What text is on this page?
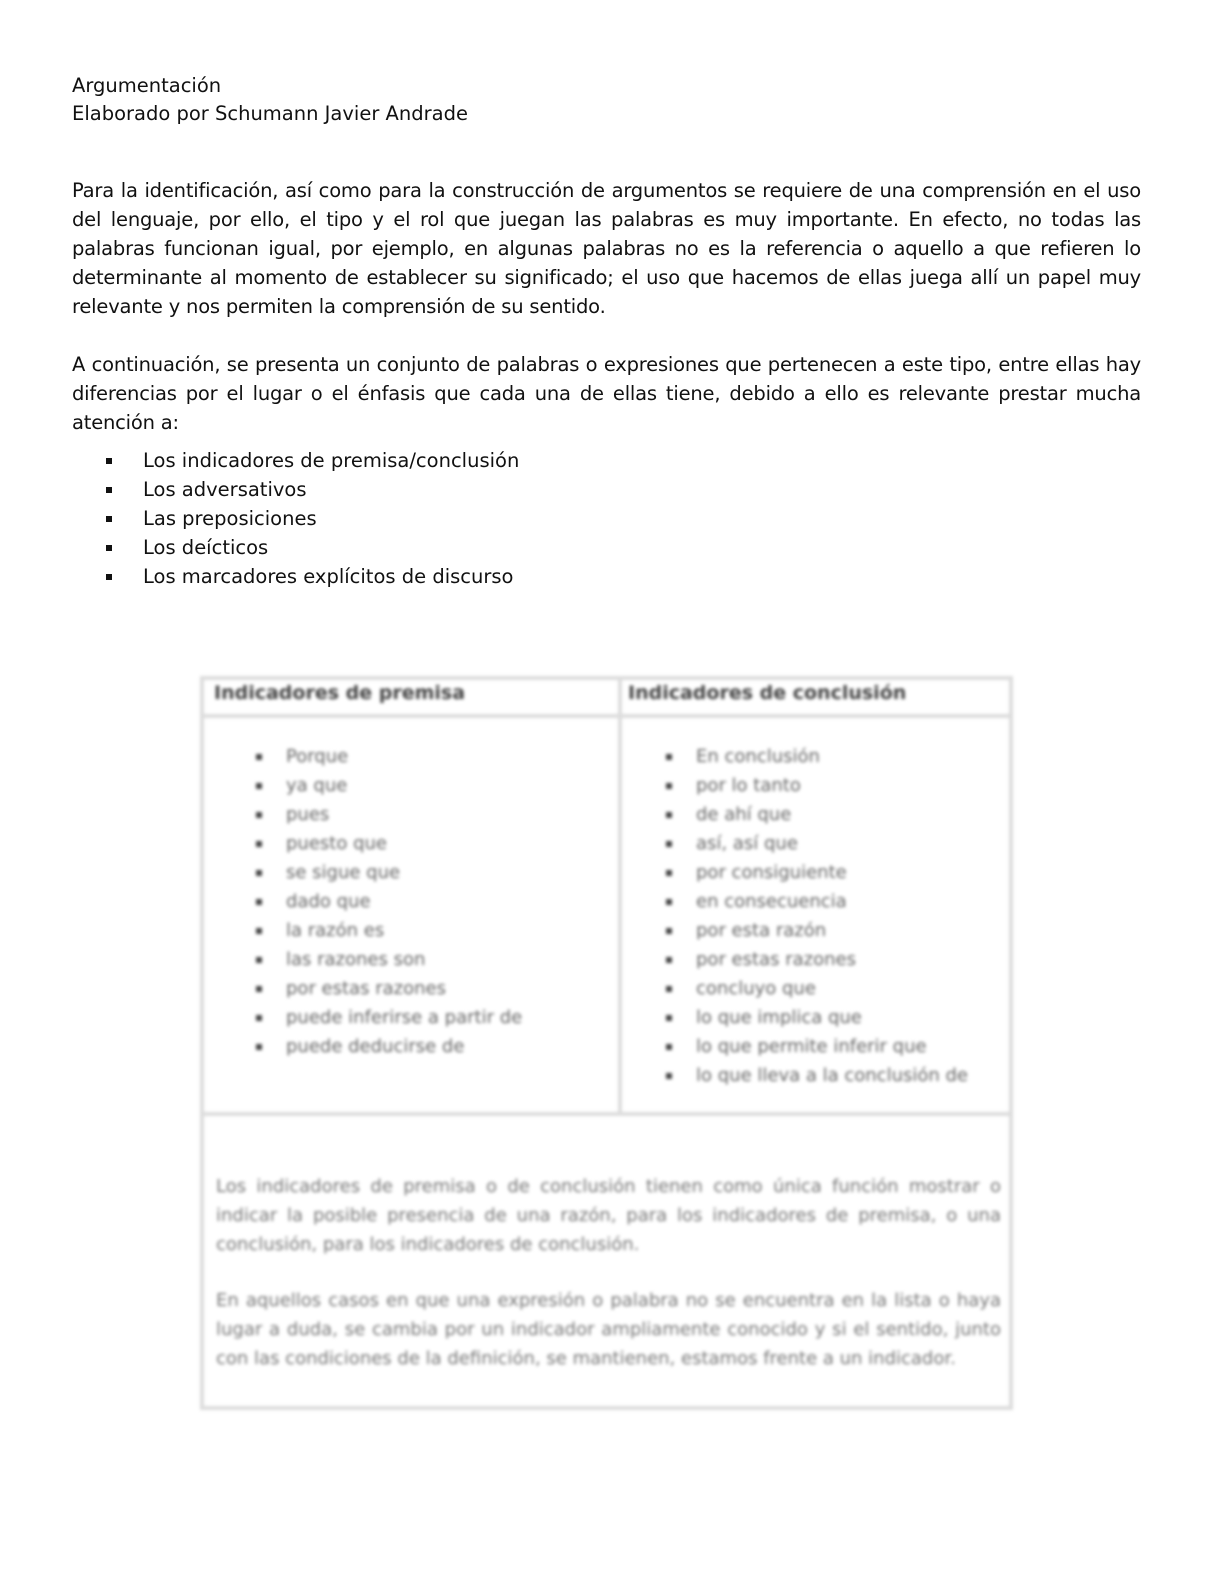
Argumentación
Elaborado por Schumann Javier Andrade

Para la identificación, así como para la construcción de argumentos se requiere de una comprensión en el uso del lenguaje, por ello, el tipo y el rol que juegan las palabras es muy importante. En efecto, no todas las palabras funcionan igual, por ejemplo, en algunas palabras no es la referencia o aquello a que refieren lo determinante al momento de establecer su significado; el uso que hacemos de ellas juega allí un papel muy relevante y nos permiten la comprensión de su sentido.

A continuación, se presenta un conjunto de palabras o expresiones que pertenecen a este tipo, entre ellas hay diferencias por el lugar o el énfasis que cada una de ellas tiene, debido a ello es relevante prestar mucha atención a:

Los indicadores de premisa/conclusión
Los adversativos
Las preposiciones
Los deícticos
Los marcadores explícitos de discurso
Indicadores de premisa	Indicadores de conclusión
Porque
ya que
pues
puesto que
se sigue que
dado que
la razón es
las razones son
por estas razones
puede inferirse a partir de
puede deducirse de
En conclusión
por lo tanto
de ahí que
así, así que
por consiguiente
en consecuencia
por esta razón
por estas razones
concluyo que
lo que implica que
lo que permite inferir que
lo que lleva a la conclusión de

Los indicadores de premisa o de conclusión tienen como única función mostrar o indicar la posible presencia de una razón, para los indicadores de premisa, o una conclusión, para los indicadores de conclusión.

En aquellos casos en que una expresión o palabra no se encuentra en la lista o haya lugar a duda, se cambia por un indicador ampliamente conocido y si el sentido, junto con las condiciones de la definición, se mantienen, estamos frente a un indicador.
